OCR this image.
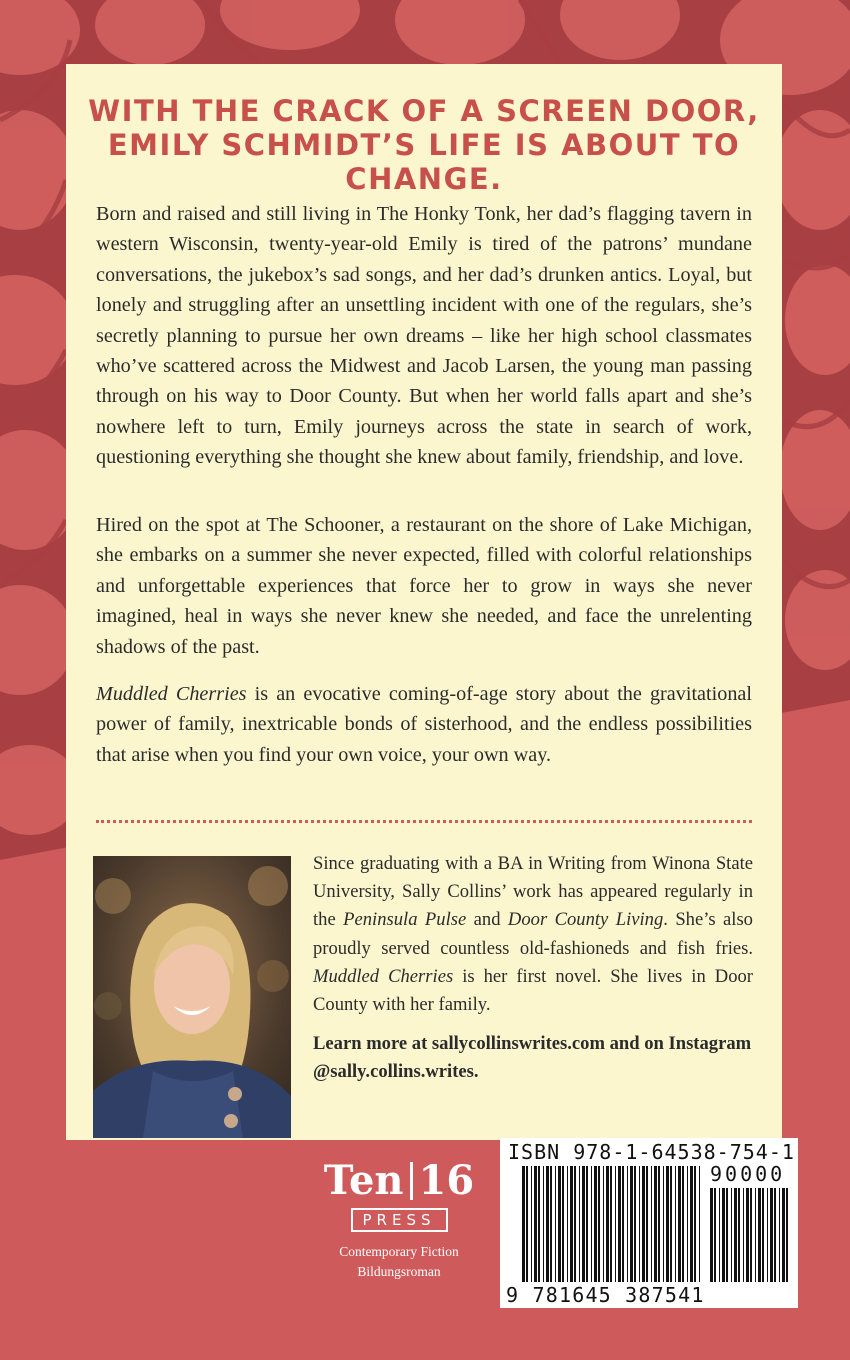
WITH THE CRACK OF A SCREEN DOOR,
EMILY SCHMIDT’S LIFE IS ABOUT TO CHANGE.

Born and raised and still living in The Honky Tonk, her dad’s flagging tavern in western Wisconsin, twenty-year-old Emily is tired of the patrons’ mundane conversations, the jukebox’s sad songs, and her dad’s drunken antics. Loyal, but lonely and struggling after an unsettling incident with one of the regulars, she’s secretly planning to pursue her own dreams – like her high school classmates who’ve scattered across the Midwest and Jacob Larsen, the young man passing through on his way to Door County. But when her world falls apart and she’s nowhere left to turn, Emily journeys across the state in search of work, questioning everything she thought she knew about family, friendship, and love.

Hired on the spot at The Schooner, a restaurant on the shore of Lake Michigan, she embarks on a summer she never expected, filled with colorful relationships and unforgettable experiences that force her to grow in ways she never imagined, heal in ways she never knew she needed, and face the unrelenting shadows of the past.

Muddled Cherries is an evocative coming-of-age story about the gravitational power of family, inextricable bonds of sisterhood, and the endless possibilities that arise when you find your own voice, your own way.

Since graduating with a BA in Writing from Winona State University, Sally Collins’ work has appeared regularly in the Peninsula Pulse and Door County Living. She’s also proudly served countless old-fashioneds and fish fries. Muddled Cherries is her first novel. She lives in Door County with her family.

Learn more at sallycollinswrites.com and on Instagram @sally.collins.writes.

Ten 16
PRESS
Contemporary Fiction
Bildungsroman
ISBN 978-1-64538-754-1
90000
9 781645 387541
